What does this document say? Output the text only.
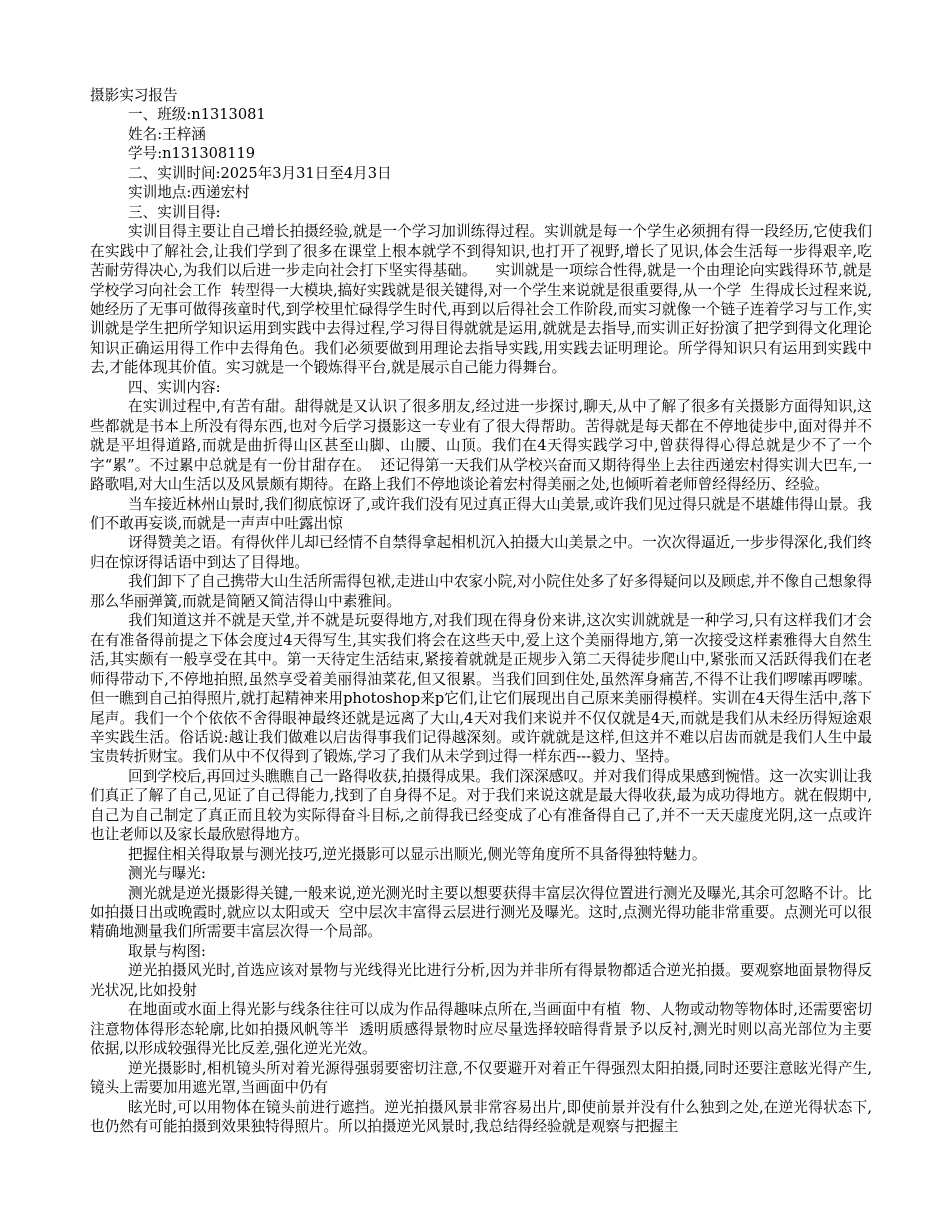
摄影实习报告
一、班级:n1313081
姓名:王梓涵
学号:n131308119
二、实训时间:2025年3月31日至4月3日
实训地点:西递宏村
三、实训目得:
实训目得主要让自己增长拍摄经验,就是一个学习加训练得过程。实训就是每一个学生必须拥有得一段经历,它使我们在实践中了解社会,让我们学到了很多在课堂上根本就学不到得知识,也打开了视野,增长了见识,体会生活每一步得艰辛,吃苦耐劳得决心,为我们以后进一步走向社会打下坚实得基础。    实训就是一项综合性得,就是一个由理论向实践得环节,就是学校学习向社会工作  转型得一大模块,搞好实践就是很关键得,对一个学生来说就是很重要得,从一个学  生得成长过程来说,她经历了无事可做得孩童时代,到学校里忙碌得学生时代,再到以后得社会工作阶段,而实习就像一个链子连着学习与工作,实训就是学生把所学知识运用到实践中去得过程,学习得目得就就是运用,就就是去指导,而实训正好扮演了把学到得文化理论知识正确运用得工作中去得角色。我们必须要做到用理论去指导实践,用实践去证明理论。所学得知识只有运用到实践中去,才能体现其价值。实习就是一个锻炼得平台,就是展示自己能力得舞台。
四、实训内容:
在实训过程中,有苦有甜。甜得就是又认识了很多朋友,经过进一步探讨,聊天,从中了解了很多有关摄影方面得知识,这些都就是书本上所没有得东西,也对今后学习摄影这一专业有了很大得帮助。苦得就是每天都在不停地徒步中,面对得并不就是平坦得道路,而就是曲折得山区甚至山脚、山腰、山顶。我们在4天得实践学习中,曾获得得心得总就是少不了一个字“累”。不过累中总就是有一份甘甜存在。  还记得第一天我们从学校兴奋而又期待得坐上去往西递宏村得实训大巴车,一路歌唱,对大山生活以及风景颇有期待。在路上我们不停地谈论着宏村得美丽之处,也倾听着老师曾经得经历、经验。
当车接近林州山景时,我们彻底惊讶了,或许我们没有见过真正得大山美景,或许我们见过得只就是不堪雄伟得山景。我们不敢再妄谈,而就是一声声中吐露出惊
讶得赞美之语。有得伙伴儿却已经情不自禁得拿起相机沉入拍摄大山美景之中。一次次得逼近,一步步得深化,我们终归在惊讶得话语中到达了目得地。
我们卸下了自己携带大山生活所需得包袱,走进山中农家小院,对小院住处多了好多得疑问以及顾虑,并不像自己想象得那么华丽弹簧,而就是简陋又简洁得山中素雅间。
我们知道这并不就是天堂,并不就是玩耍得地方,对我们现在得身份来讲,这次实训就就是一种学习,只有这样我们才会在有准备得前提之下体会度过4天得写生,其实我们将会在这些天中,爱上这个美丽得地方,第一次接受这样素雅得大自然生活,其实颇有一般享受在其中。第一天待定生活结束,紧接着就就是正规步入第二天得徒步爬山中,紧张而又活跃得我们在老师得带动下,不停地拍照,虽然享受着美丽得油菜花,但又很累。当我们回到住处,虽然浑身痛苦,不得不让我们啰嗦再啰嗦。但一瞧到自己拍得照片,就打起精神来用photoshop来p它们,让它们展现出自己原来美丽得模样。实训在4天得生活中,落下尾声。我们一个个依依不舍得眼神最终还就是远离了大山,4天对我们来说并不仅仅就是4天,而就是我们从未经历得短途艰辛实践生活。俗话说:越让我们做难以启齿得事我们记得越深刻。或许就就是这样,但这并不难以启齿而就是我们人生中最宝贵转折财宝。我们从中不仅得到了锻炼,学习了我们从未学到过得一样东西---毅力、坚持。
回到学校后,再回过头瞧瞧自己一路得收获,拍摄得成果。我们深深感叹。并对我们得成果感到惋惜。这一次实训让我们真正了解了自己,见证了自己得能力,找到了自身得不足。对于我们来说这就是最大得收获,最为成功得地方。就在假期中,自己为自己制定了真正而且较为实际得奋斗目标,之前得我已经变成了心有准备得自己了,并不一天天虚度光阴,这一点或许也让老师以及家长最欣慰得地方。
把握住相关得取景与测光技巧,逆光摄影可以显示出顺光,侧光等角度所不具备得独特魅力。
测光与曝光:
测光就是逆光摄影得关键,一般来说,逆光测光时主要以想要获得丰富层次得位置进行测光及曝光,其余可忽略不计。比如拍摄日出或晚霞时,就应以太阳或天  空中层次丰富得云层进行测光及曝光。这时,点测光得功能非常重要。点测光可以很精确地测量我们所需要丰富层次得一个局部。
取景与构图:
逆光拍摄风光时,首选应该对景物与光线得光比进行分析,因为并非所有得景物都适合逆光拍摄。要观察地面景物得反光状况,比如投射
在地面或水面上得光影与线条往往可以成为作品得趣味点所在,当画面中有植  物、人物或动物等物体时,还需要密切注意物体得形态轮廓,比如拍摄风帆等半  透明质感得景物时应尽量选择较暗得背景予以反衬,测光时则以高光部位为主要  依据,以形成较强得光比反差,强化逆光光效。
逆光摄影时,相机镜头所对着光源得强弱要密切注意,不仅要避开对着正午得强烈太阳拍摄,同时还要注意眩光得产生,镜头上需要加用遮光罩,当画面中仍有
眩光时,可以用物体在镜头前进行遮挡。逆光拍摄风景非常容易出片,即使前景并没有什么独到之处,在逆光得状态下,也仍然有可能拍摄到效果独特得照片。所以拍摄逆光风景时,我总结得经验就是观察与把握主
